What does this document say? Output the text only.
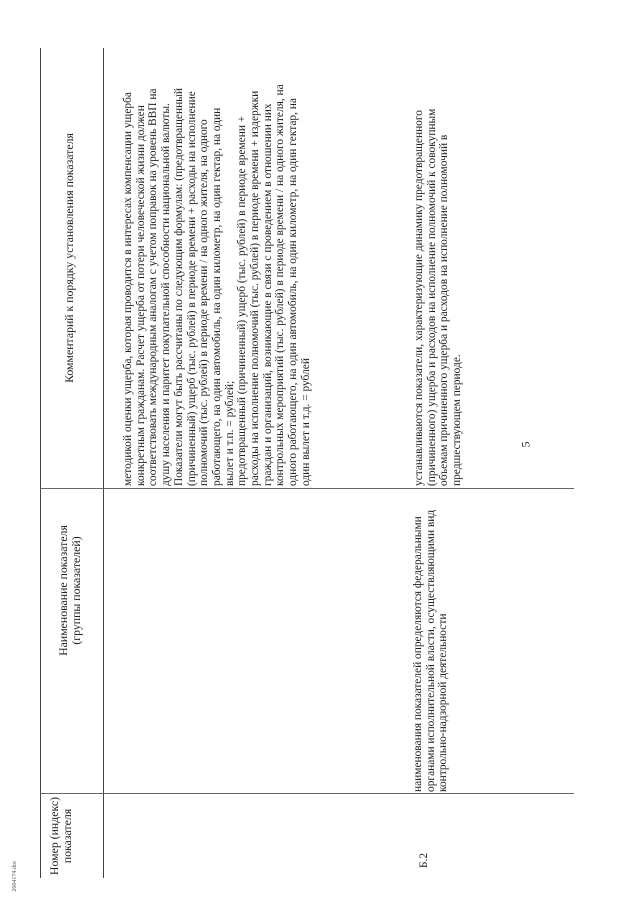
Номер (индекс) показателя
Наименование показателя (группы показателей)
Комментарий к порядку установления показателя	методикой оценки ущерба, которая проводится в интересах компенсации ущерба конкретным гражданам. Расчет ущерба от потери человеческой жизни должен соответствовать международным аналогам с учетом поправок на уровень ВВП на душу населения и паритет покупательной способности национальной валюты. Показатели могут быть рассчитаны по следующим формулам: (предотвращенный (причиненный) ущерб (тыс. рублей) в периоде времени + расходы на исполнение полномочий (тыс. рублей) в периоде времени / на одного жителя, на одного работающего, на один автомобиль, на один километр, на один гектар, на один вылет и т.п. = рублей; предотвращенный (причиненный) ущерб (тыс. рублей) в периоде времени + расходы на исполнение полномочий (тыс. рублей) в периоде времени + издержки граждан и организаций, возникающие в связи с проведением в отношении них контрольных мероприятий (тыс. рублей) в периоде времени / на одного жителя, на одного работающего, на один автомобиль, на один километр, на один гектар, на один вылет и т.д. = рублей

Б.2
наименования показателей определяются федеральными органами исполнительной власти, осуществляющими вид контрольно-надзорной деятельности
устанавливаются показатели, характеризующие динамику предотвращенного (причиненного) ущерба и расходов на исполнение полномочий к совокупным объемам причиненного ущерба и расходов на исполнение полномочий в предшествующем периоде.	5
2604174.doc
